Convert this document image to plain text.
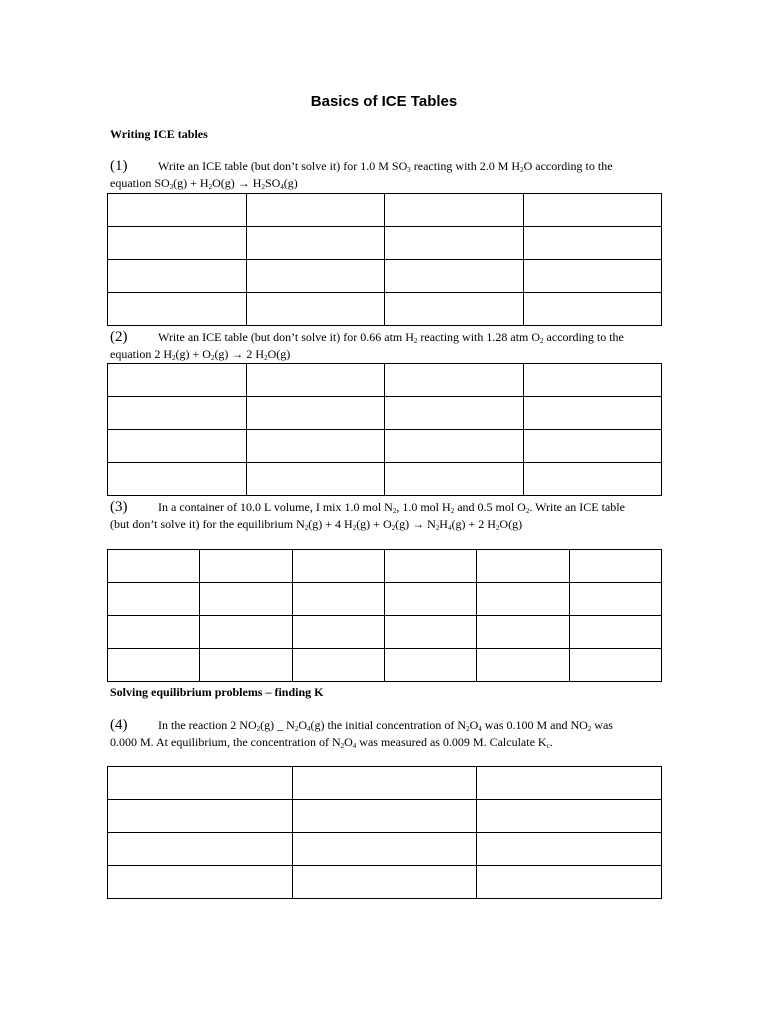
Basics of ICE Tables
Writing ICE tables
(1)	Write an ICE table (but don’t solve it) for 1.0 M $SO_3$ reacting with 2.0 M $H_2O$ according to the
equation $SO_3(g) + H_2O(g) \to H_2SO_4(g)$

(2)	Write an ICE table (but don’t solve it) for 0.66 atm $H_2$ reacting with 1.28 atm $O_2$ according to the
equation 2 $H_2(g) + O_2(g) \to 2$ $H_2O(g)$

(3)	In a container of 10.0 L volume, I mix 1.0 mol $N_2$, 1.0 mol $H_2$ and 0.5 mol $O_2$. Write an ICE table
(but don’t solve it) for the equilibrium $N_2(g) + 4$ $H_2(g) + O_2(g) \to N_2H_4(g) + 2$ $H_2O(g)$

Solving equilibrium problems – finding K
(4)	In the reaction 2 $NO_2(g)$ _ $N_2O_4(g)$ the initial concentration of $N_2O_4$ was 0.100 M and $NO_2$ was
0.000 M. At equilibrium, the concentration of $N_2O_4$ was measured as 0.009 M. Calculate $K_c$.
